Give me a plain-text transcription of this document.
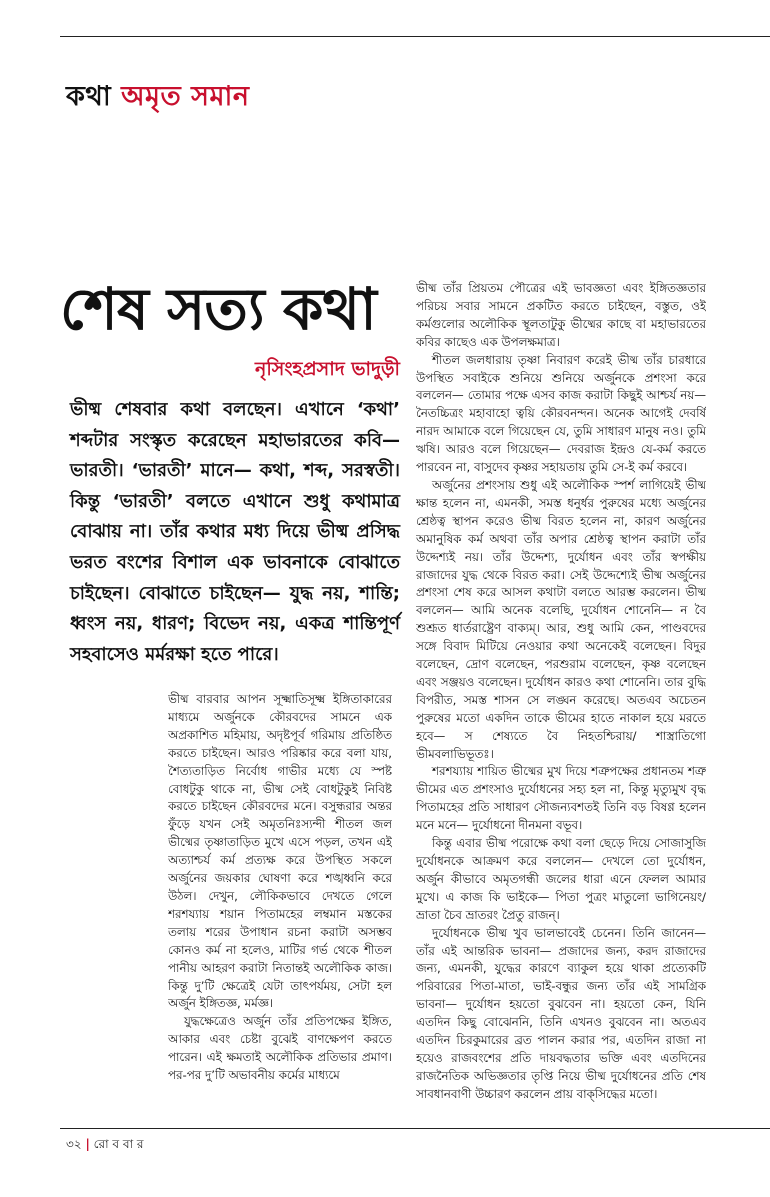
কথা অমৃত সমান
শেষ সত্য কথা
নৃসিংহপ্রসাদ ভাদুড়ী

ভীষ্ম শেষবার কথা বলছেন। এখানে ‘কথা’ শব্দটার সংস্কৃত করেছেন মহাভারতের কবি— ভারতী। ‘ভারতী’ মানে— কথা, শব্দ, সরস্বতী। কিন্তু ‘ভারতী’ বলতে এখানে শুধু কথামাত্র বোঝায় না। তাঁর কথার মধ্য দিয়ে ভীষ্ম প্রসিদ্ধ ভরত বংশের বিশাল এক ভাবনাকে বোঝাতে চাইছেন। বোঝাতে চাইছেন— যুদ্ধ নয়, শান্তি; ধ্বংস নয়, ধারণ; বিভেদ নয়, একত্র শান্তিপূর্ণ সহবাসেও মর্মরক্ষা হতে পারে।

ভীষ্ম বারবার আপন সূক্ষ্মাতিসূক্ষ্ম ইঙ্গিতাকারের মাধ্যমে অর্জুনকে কৌরবদের সামনে এক অপ্রকাশিত মহিমায়, অদৃষ্টপূর্ব গরিমায় প্রতিষ্ঠিত করতে চাইছেন। আরও পরিষ্কার করে বলা যায়, শৈত্যতাড়িত নির্বোধ গাভীর মধ্যে যে স্পষ্ট বোধটুকু থাকে না, ভীষ্ম সেই বোধটুকুই নিবিষ্ট করতে চাইছেন কৌরবদের মনে। বসুন্ধরার অন্তর ফুঁড়ে যখন সেই অমৃতনিঃস্যন্দী শীতল জল ভীষ্মের তৃষ্ণাতাড়িত মুখে এসে পড়ল, তখন এই অত্যাশ্চর্য কর্ম প্রত্যক্ষ করে উপস্থিত সকলে অর্জুনের জয়কার ঘোষণা করে শঙ্খধ্বনি করে উঠল। দেখুন, লৌকিকভাবে দেখতে গেলে শরশয্যায় শয়ান পিতামহের লম্বমান মস্তকের তলায় শরের উপাধান রচনা করাটা অসম্ভব কোনও কর্ম না হলেও, মাটির গর্ভ থেকে শীতল পানীয় আহরণ করাটা নিতান্তই অলৌকিক কাজ। কিন্তু দু’টি ক্ষেত্রেই যেটা তাৎপর্যময়, সেটা হল অর্জুন ইঙ্গিতজ্ঞ, মর্মজ্ঞ।

যুদ্ধক্ষেত্রেও অর্জুন তাঁর প্রতিপক্ষের ইঙ্গিত, আকার এবং চেষ্টা বুঝেই বাণক্ষেপণ করতে পারেন। এই ক্ষমতাই অলৌকিক প্রতিভার প্রমাণ। পর-পর দু’টি অভাবনীয় কর্মের মাধ্যমে

ভীষ্ম তাঁর প্রিয়তম পৌত্রের এই ভাবজ্ঞতা এবং ইঙ্গিতজ্ঞতার পরিচয় সবার সামনে প্রকটিত করতে চাইছেন, বস্তুত, ওই কর্মগুলোর অলৌকিক স্থূলতাটুকু ভীষ্মের কাছে বা মহাভারতের কবির কাছেও এক উপলক্ষমাত্র।

শীতল জলধারায় তৃষ্ণা নিবারণ করেই ভীষ্ম তাঁর চারধারে উপস্থিত সবাইকে শুনিয়ে শুনিয়ে অর্জুনকে প্রশংসা করে বললেন— তোমার পক্ষে এসব কাজ করাটা কিছুই আশ্চর্য নয়— নৈতচ্চিত্রং মহাবাহো ত্বয়ি কৌরবনন্দন। অনেক আগেই দেবর্ষি নারদ আমাকে বলে গিয়েছেন যে, তুমি সাধারণ মানুষ নও। তুমি ঋষি। আরও বলে গিয়েছেন— দেবরাজ ইন্দ্রও যে-কর্ম করতে পারবেন না, বাসুদেব কৃষ্ণর সহায়তায় তুমি সে-ই কর্ম করবে।

অর্জুনের প্রশংসায় শুধু এই অলৌকিক স্পর্শ লাগিয়েই ভীষ্ম ক্ষান্ত হলেন না, এমনকী, সমস্ত ধনুর্ধর পুরুষের মধ্যে অর্জুনের শ্রেষ্ঠত্ব স্থাপন করেও ভীষ্ম বিরত হলেন না, কারণ অর্জুনের অমানুষিক কর্ম অথবা তাঁর অপার শ্রেষ্ঠত্ব স্থাপন করাটা তাঁর উদ্দেশ্যই নয়। তাঁর উদ্দেশ্য, দুর্যোধন এবং তাঁর স্বপক্ষীয় রাজাদের যুদ্ধ থেকে বিরত করা। সেই উদ্দেশ্যেই ভীষ্ম অর্জুনের প্রশংসা শেষ করে আসল কথাটা বলতে আরম্ভ করলেন। ভীষ্ম বললেন— আমি অনেক বলেছি, দুর্যোধন শোনেনি— ন বৈ শুশ্রূত ধার্তরাষ্ট্রেণ বাক্যম্। আর, শুধু আমি কেন, পাণ্ডবদের সঙ্গে বিবাদ মিটিয়ে নেওয়ার কথা অনেকেই বলেছেন। বিদুর বলেছেন, দ্রোণ বলেছেন, পরশুরাম বলেছেন, কৃষ্ণ বলেছেন এবং সঞ্জয়ও বলেছেন। দুর্যোধন কারও কথা শোনেনি। তার বুদ্ধি বিপরীত, সমস্ত শাসন সে লঙ্ঘন করেছে। অতএব অচেতন পুরুষের মতো একদিন তাকে ভীমের হাতে নাকাল হয়ে মরতে হবে— স শেষ্যতে বৈ নিহতশ্চিরায়/ শাস্ত্রাতিগো ভীমবলাভিভূতঃ।

শরশয্যায় শায়িত ভীষ্মের মুখ দিয়ে শত্রুপক্ষের প্রধানতম শত্রু ভীমের এত প্রশংসাও দুর্যোধনের সহ্য হল না, কিন্তু মৃত্যুমুখ বৃদ্ধ পিতামহের প্রতি সাধারণ সৌজন্যবশতই তিনি বড় বিষণ্ণ হলেন মনে মনে— দুর্যোধনো দীনমনা বভূব।

কিন্তু এবার ভীষ্ম পরোক্ষে কথা বলা ছেড়ে দিয়ে সোজাসুজি দুর্যোধনকে আক্রমণ করে বললেন— দেখলে তো দুর্যোধন, অর্জুন কীভাবে অমৃতগন্ধী জলের ধারা এনে ফেলল আমার মুখে। এ কাজ কি ভাইকে— পিতা পুত্রং মাতুলো ভাগিনেয়ং/ ভ্রাতা চৈব ভ্রাতরং প্রৈতু রাজন্।

দুর্যোধনকে ভীষ্ম খুব ভালভাবেই চেনেন। তিনি জানেন— তাঁর এই আন্তরিক ভাবনা— প্রজাদের জন্য, করদ রাজাদের জন্য, এমনকী, যুদ্ধের কারণে ব্যাকুল হয়ে থাকা প্রত্যেকটি পরিবারের পিতা-মাতা, ভাই-বন্ধুর জন্য তাঁর এই সামগ্রিক ভাবনা— দুর্যোধন হয়তো বুঝবেন না। হয়তো কেন, যিনি এতদিন কিছু বোঝেননি, তিনি এখনও বুঝবেন না। অতএব এতদিন চিরকুমারের ব্রত পালন করার পর, এতদিন রাজা না হয়েও রাজবংশের প্রতি দায়বদ্ধতার ভক্তি এবং এতদিনের রাজনৈতিক অভিজ্ঞতার তৃপ্তি নিয়ে ভীষ্ম দুর্যোধনের প্রতি শেষ সাবধানবাণী উচ্চারণ করলেন প্রায় বাক্‌সিদ্ধের মতো।

৩২ | রো ব বা র
